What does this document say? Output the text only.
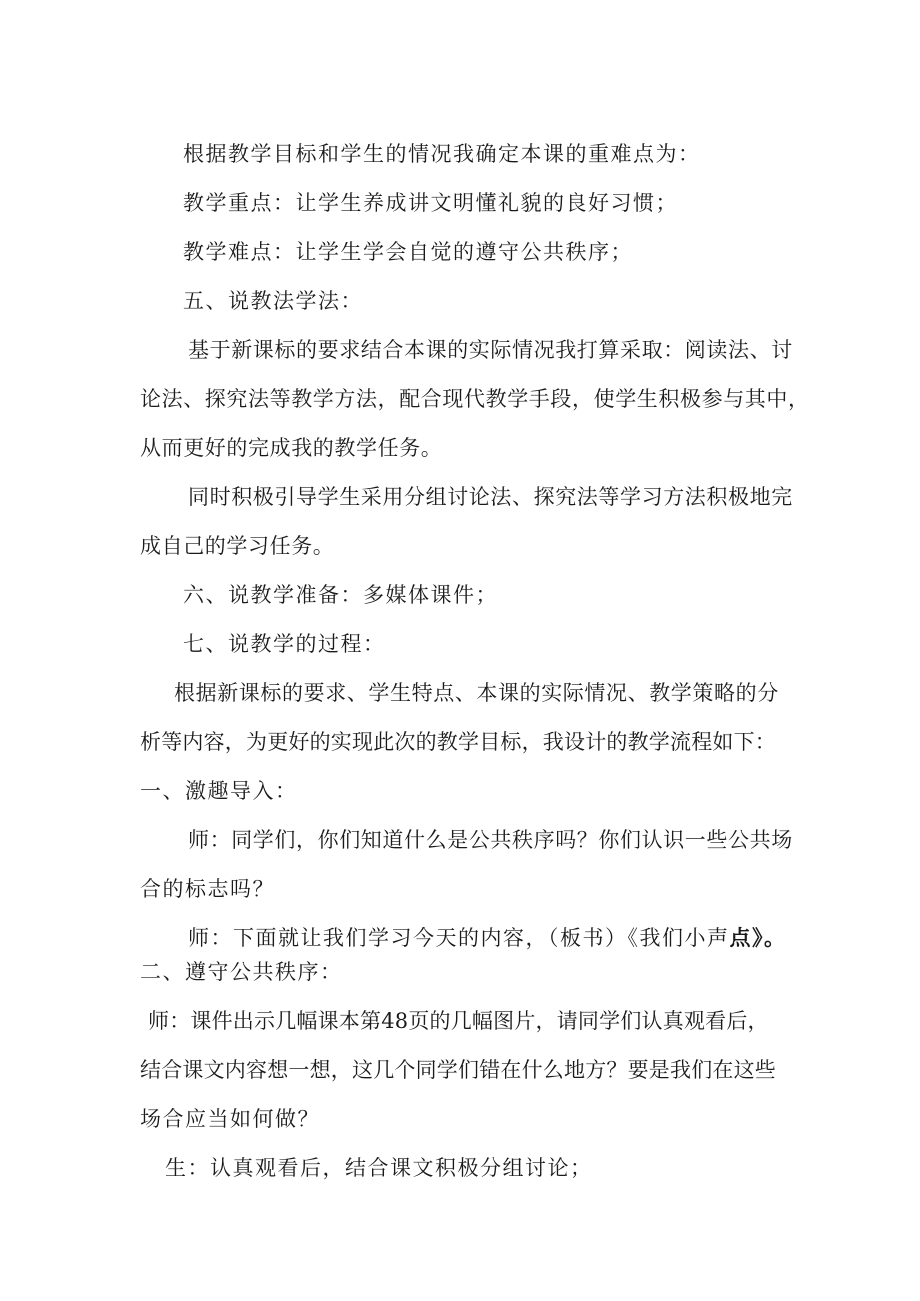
根据教学目标和学生的情况我确定本课的重难点为：
教学重点：让学生养成讲文明懂礼貌的良好习惯；
教学难点：让学生学会自觉的遵守公共秩序；
五、说教法学法：
基于新课标的要求结合本课的实际情况我打算采取：阅读法、讨
论法、探究法等教学方法，配合现代教学手段，使学生积极参与其中，
从而更好的完成我的教学任务。
同时积极引导学生采用分组讨论法、探究法等学习方法积极地完
成自己的学习任务。
六、说教学准备：多媒体课件；
七、说教学的过程：
根据新课标的要求、学生特点、本课的实际情况、教学策略的分
析等内容，为更好的实现此次的教学目标，我设计的教学流程如下：
一、激趣导入：
师：同学们，你们知道什么是公共秩序吗？你们认识一些公共场
合的标志吗？
师：下面就让我们学习今天的内容，（板书）《我们小声点》。
二、遵守公共秩序：
师：课件出示几幅课本第48页的几幅图片，请同学们认真观看后，
结合课文内容想一想，这几个同学们错在什么地方？要是我们在这些
场合应当如何做？
生：认真观看后，结合课文积极分组讨论；
